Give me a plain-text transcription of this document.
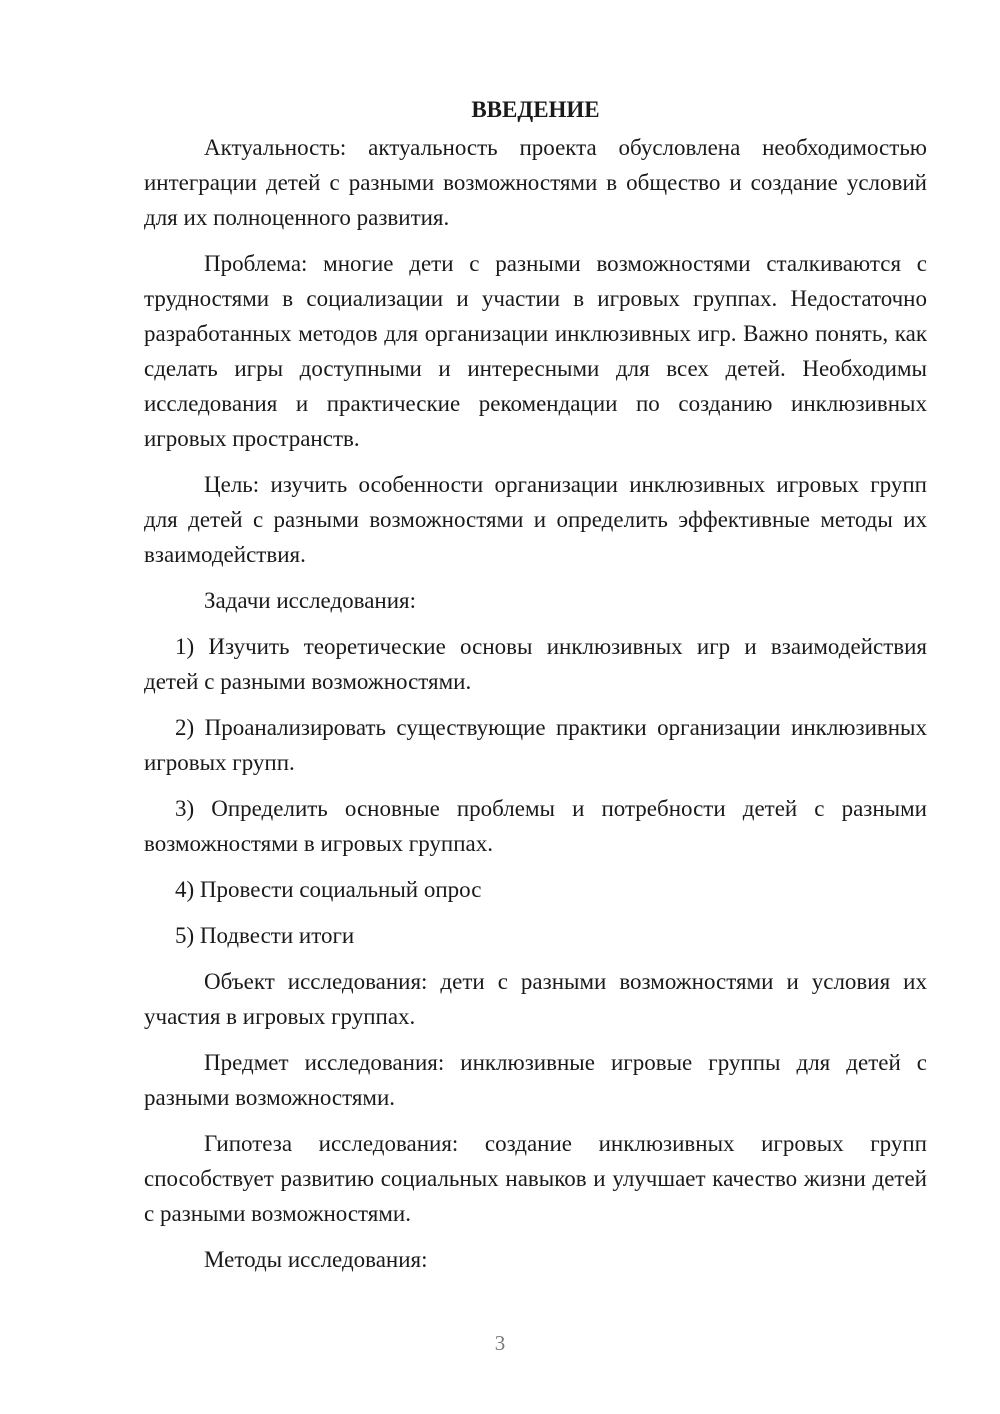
ВВЕДЕНИЕ

Актуальность: актуальность проекта обусловлена необходимостью интеграции детей с разными возможностями в общество и создание условий для их полноценного развития.

Проблема: многие дети с разными возможностями сталкиваются с трудностями в социализации и участии в игровых группах. Недостаточно разработанных методов для организации инклюзивных игр. Важно понять, как сделать игры доступными и интересными для всех детей. Необходимы исследования и практические рекомендации по созданию инклюзивных игровых пространств.

Цель: изучить особенности организации инклюзивных игровых групп для детей с разными возможностями и определить эффективные методы их взаимодействия.

Задачи исследования:

1) Изучить теоретические основы инклюзивных игр и взаимодействия детей с разными возможностями.

2) Проанализировать существующие практики организации инклюзивных игровых групп.

3) Определить основные проблемы и потребности детей с разными возможностями в игровых группах.

4) Провести социальный опрос

5) Подвести итоги

Объект исследования: дети с разными возможностями и условия их участия в игровых группах.

Предмет исследования: инклюзивные игровые группы для детей с разными возможностями.

Гипотеза исследования: создание инклюзивных игровых групп способствует развитию социальных навыков и улучшает качество жизни детей с разными возможностями.

Методы исследования:

3
